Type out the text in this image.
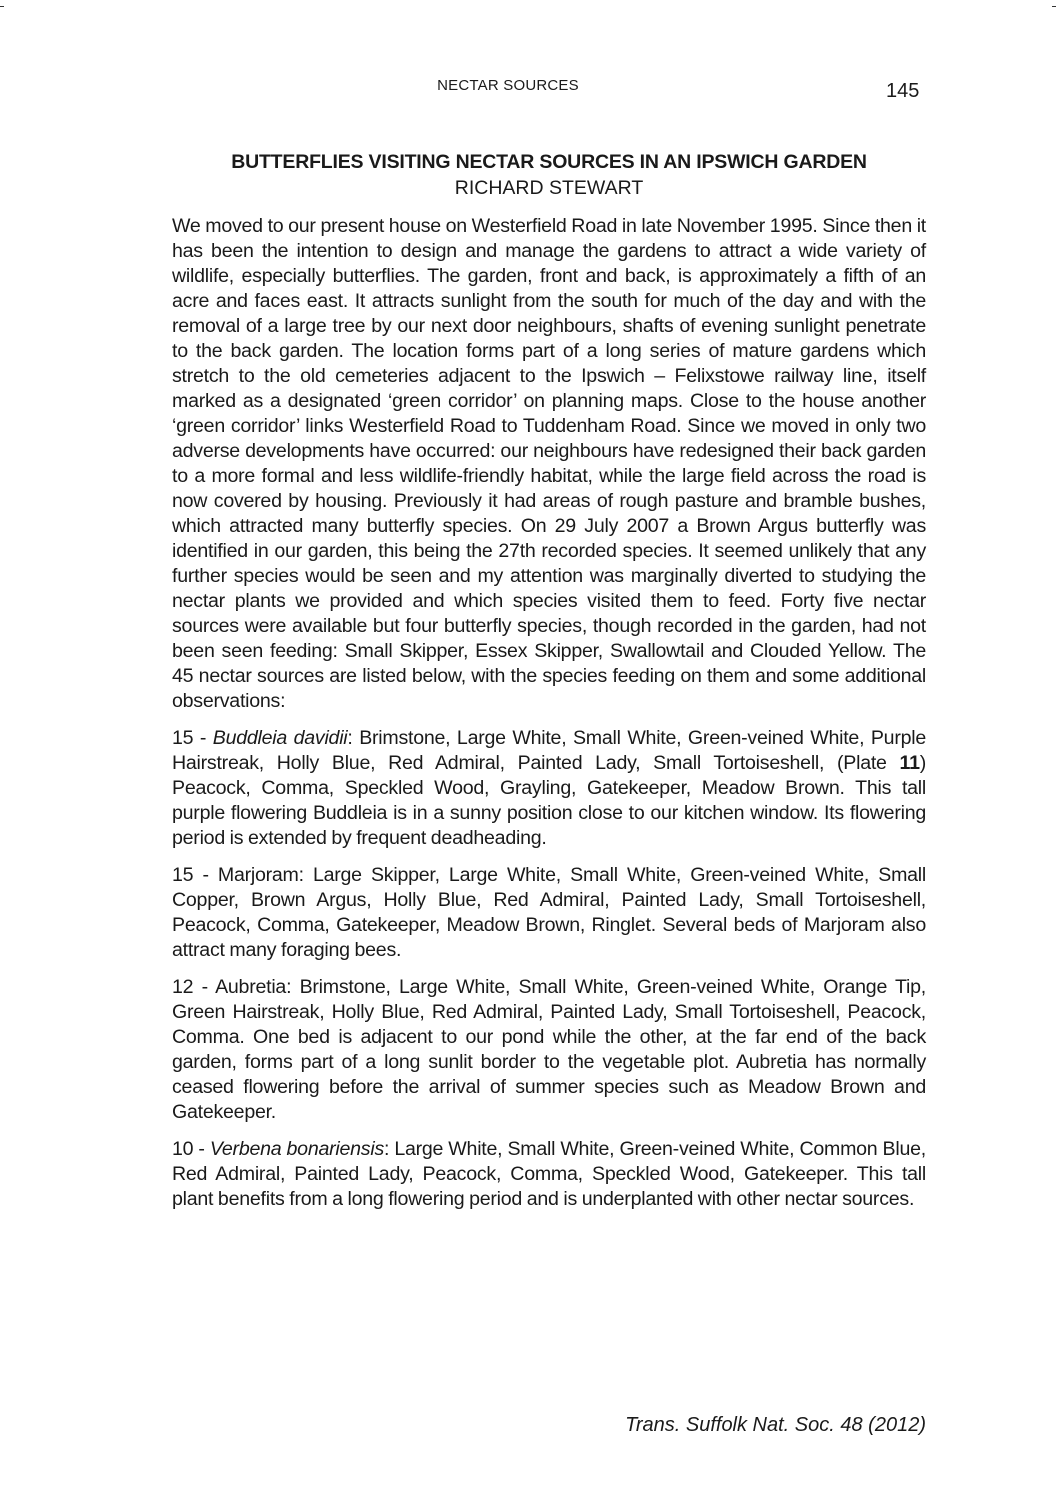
NECTAR SOURCES	145
BUTTERFLIES VISITING NECTAR SOURCES IN AN IPSWICH GARDEN
RICHARD STEWART

We moved to our present house on Westerfield Road in late November 1995. Since then it has been the intention to design and manage the gardens to attract a wide variety of wildlife, especially butterflies. The garden, front and back, is approximately a fifth of an acre and faces east. It attracts sunlight from the south for much of the day and with the removal of a large tree by our next door neighbours, shafts of evening sunlight penetrate to the back garden. The location forms part of a long series of mature gardens which stretch to the old cemeteries adjacent to the Ipswich – Felixstowe railway line, itself marked as a designated ‘green corridor’ on planning maps. Close to the house another ‘green corridor’ links Westerfield Road to Tuddenham Road. Since we moved in only two adverse developments have occurred: our neighbours have redesigned their back garden to a more formal and less wildlife-friendly habitat, while the large field across the road is now covered by housing. Previously it had areas of rough pasture and bramble bushes, which attracted many butterfly species. On 29 July 2007 a Brown Argus butterfly was identified in our garden, this being the 27th recorded species. It seemed unlikely that any further species would be seen and my attention was marginally diverted to studying the nectar plants we provided and which species visited them to feed. Forty five nectar sources were available but four butterfly species, though recorded in the garden, had not been seen feeding: Small Skipper, Essex Skipper, Swallowtail and Clouded Yellow. The 45 nectar sources are listed below, with the species feeding on them and some additional observations:

15 - Buddleia davidii: Brimstone, Large White, Small White, Green-veined White, Purple Hairstreak, Holly Blue, Red Admiral, Painted Lady, Small Tortoiseshell, (Plate 11) Peacock, Comma, Speckled Wood, Grayling, Gatekeeper, Meadow Brown. This tall purple flowering Buddleia is in a sunny position close to our kitchen window. Its flowering period is extended by frequent deadheading.

15 - Marjoram: Large Skipper, Large White, Small White, Green-veined White, Small Copper, Brown Argus, Holly Blue, Red Admiral, Painted Lady, Small Tortoiseshell, Peacock, Comma, Gatekeeper, Meadow Brown, Ringlet. Several beds of Marjoram also attract many foraging bees.

12 - Aubretia: Brimstone, Large White, Small White, Green-veined White, Orange Tip, Green Hairstreak, Holly Blue, Red Admiral, Painted Lady, Small Tortoiseshell, Peacock, Comma. One bed is adjacent to our pond while the other, at the far end of the back garden, forms part of a long sunlit border to the vegetable plot. Aubretia has normally ceased flowering before the arrival of summer species such as Meadow Brown and Gatekeeper.

10 - Verbena bonariensis: Large White, Small White, Green-veined White, Common Blue, Red Admiral, Painted Lady, Peacock, Comma, Speckled Wood, Gatekeeper. This tall plant benefits from a long flowering period and is underplanted with other nectar sources.

Trans. Suffolk Nat. Soc. 48 (2012)
